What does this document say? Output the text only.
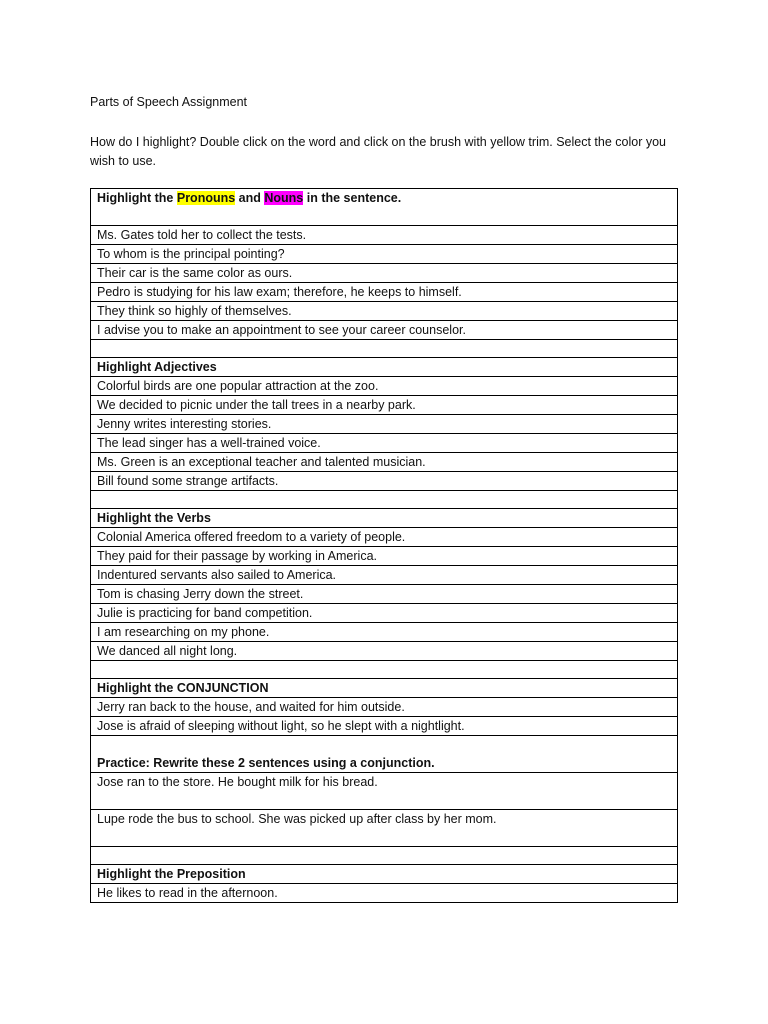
Parts of Speech Assignment
How do I highlight? Double click on the word and click on the brush with yellow trim. Select the color you wish to use.
Highlight the Pronouns and Nouns in the sentence.
Ms. Gates told her to collect the tests.
To whom is the principal pointing?
Their car is the same color as ours.
Pedro is studying for his law exam; therefore, he keeps to himself.
They think so highly of themselves.
I advise you to make an appointment to see your career counselor.

Highlight Adjectives
Colorful birds are one popular attraction at the zoo.
We decided to picnic under the tall trees in a nearby park.
Jenny writes interesting stories.
The lead singer has a well-trained voice.
Ms. Green is an exceptional teacher and talented musician.
Bill found some strange artifacts.

Highlight the Verbs
Colonial America offered freedom to a variety of people.
They paid for their passage by working in America.
Indentured servants also sailed to America.
Tom is chasing Jerry down the street.
Julie is practicing for band competition.
I am researching on my phone.
We danced all night long.

Highlight the CONJUNCTION
Jerry ran back to the house, and waited for him outside.
Jose is afraid of sleeping without light, so he slept with a nightlight.
Practice: Rewrite these 2 sentences using a conjunction.
Jose ran to the store. He bought milk for his bread.
Lupe rode the bus to school. She was picked up after class by her mom.

Highlight the Preposition
He likes to read in the afternoon.
